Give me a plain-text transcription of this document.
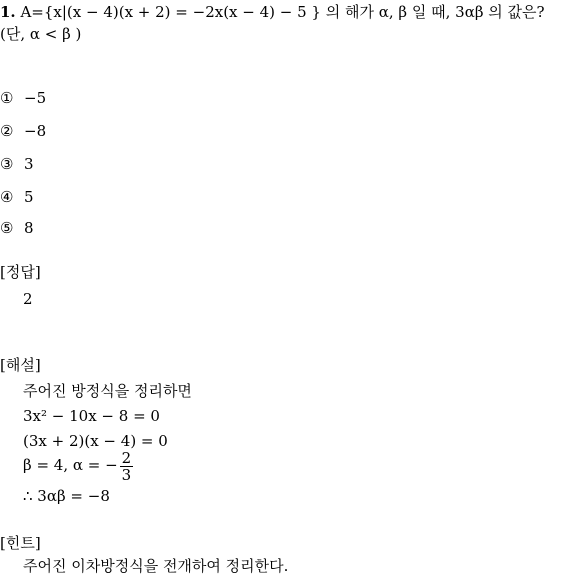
1. A={x|(x − 4)(x + 2) = −2x(x − 4) − 5 } 의 해가 α, β 일 때, 3αβ 의 값은?
(단, α < β )
① −5
② −8
③ 3
④ 5
⑤ 8
[정답]
2
[해설]
주어진 방정식을 정리하면
3x² − 10x − 8 = 0
(3x + 2)(x − 4) = 0
β = 4, α = − $\frac{2}{3}$
∴ 3αβ = −8
[힌트]
주어진 이차방정식을 전개하여 정리한다.
